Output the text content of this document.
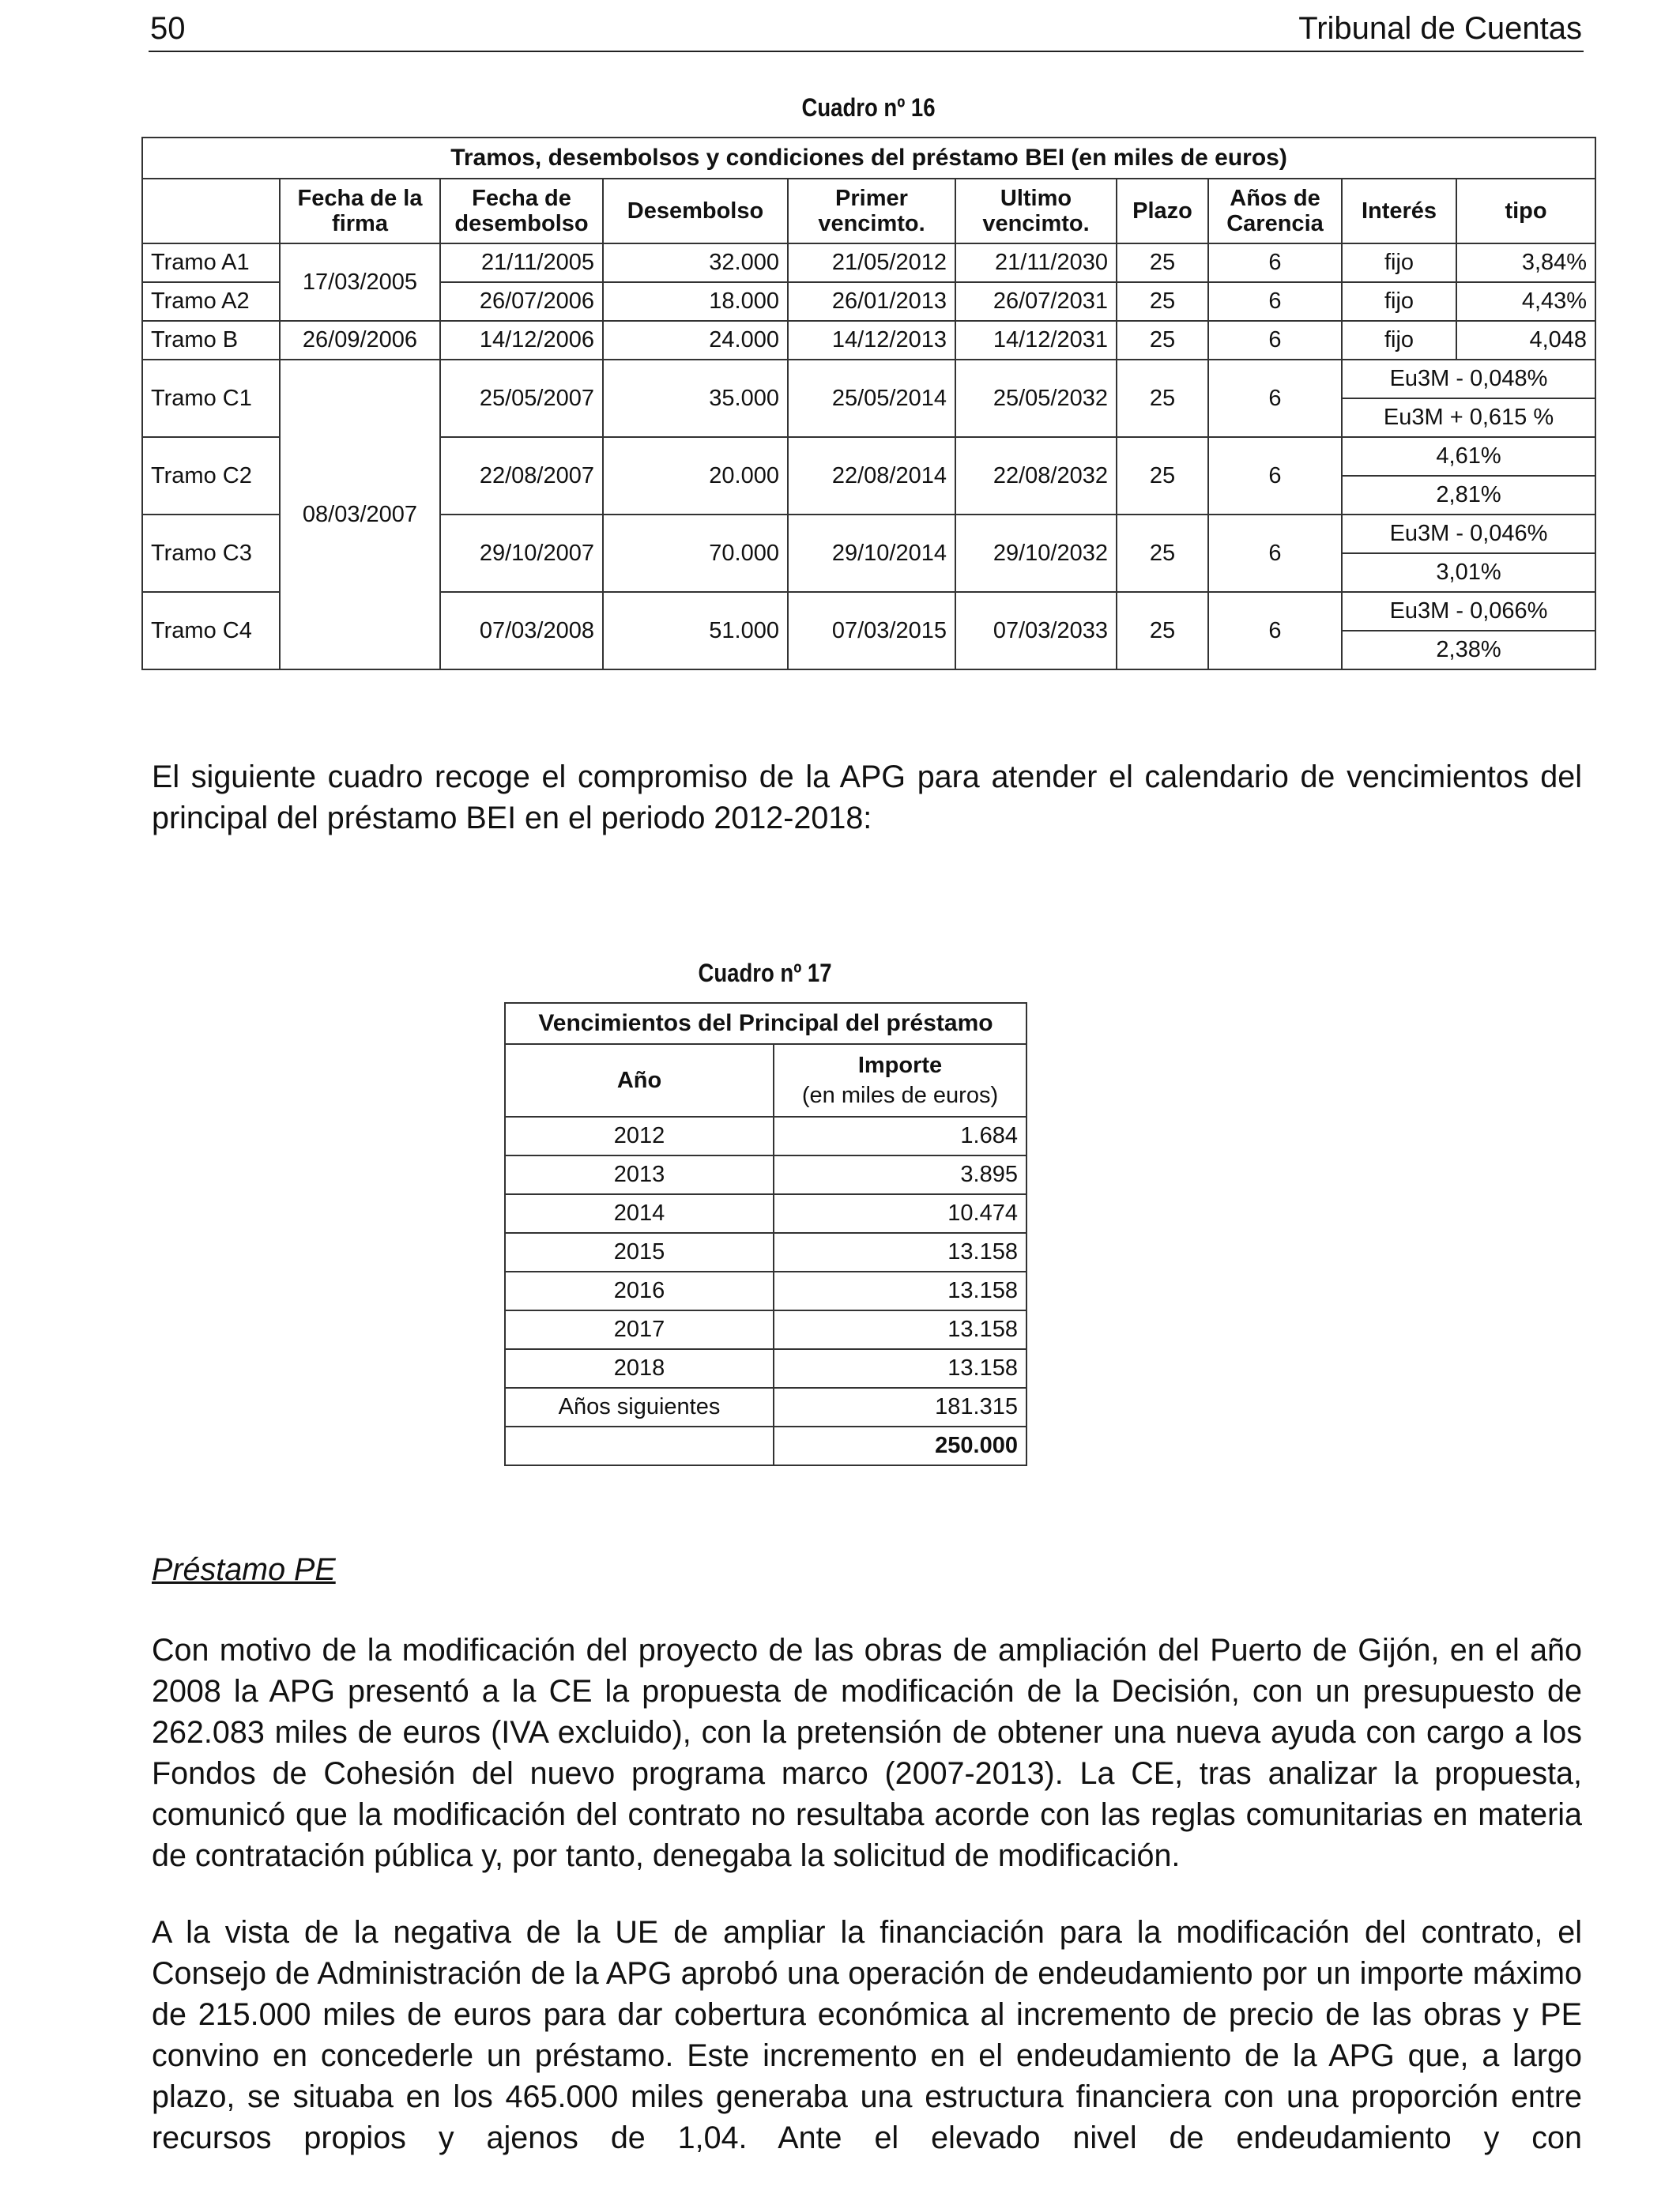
50	Tribunal de Cuentas
Cuadro nº 16
Tramos, desembolsos y condiciones del préstamo BEI (en miles de euros)									
	Fecha de la firma	Fecha de desembolso	Desembolso	Primer vencimto.	Ultimo vencimto.	Plazo	Años de Carencia	Interés	tipo
Tramo A1	17/03/2005	21/11/2005	32.000	21/05/2012	21/11/2030	25	6	fijo	3,84%
Tramo A2		26/07/2006	18.000	26/01/2013	26/07/2031	25	6	fijo	4,43%
Tramo B	26/09/2006	14/12/2006	24.000	14/12/2013	14/12/2031	25	6	fijo	4,048
Tramo C1	08/03/2007	25/05/2007	35.000	25/05/2014	25/05/2032	25	6	Eu3M - 0,048%	
								Eu3M + 0,615 %	
Tramo C2		22/08/2007	20.000	22/08/2014	22/08/2032	25	6	4,61%	
								2,81%	
Tramo C3		29/10/2007	70.000	29/10/2014	29/10/2032	25	6	Eu3M - 0,046%	
								3,01%	
Tramo C4		07/03/2008	51.000	07/03/2015	07/03/2033	25	6	Eu3M - 0,066%	
								2,38%	
El siguiente cuadro recoge el compromiso de la APG para atender el calendario de vencimientos del principal del préstamo BEI en el periodo 2012-2018:
Cuadro nº 17
Vencimientos del Principal del préstamo	
Año	Importe
(en miles de euros)

2012	1.684
2013	3.895
2014	10.474
2015	13.158
2016	13.158
2017	13.158
2018	13.158
Años siguientes	181.315
	250.000
Préstamo PE
Con motivo de la modificación del proyecto de las obras de ampliación del Puerto de Gijón, en el año 2008 la APG presentó a la CE la propuesta de modificación de la Decisión, con un presupuesto de 262.083 miles de euros (IVA excluido), con la pretensión de obtener una nueva ayuda con cargo a los Fondos de Cohesión del nuevo programa marco (2007-2013). La CE, tras analizar la propuesta, comunicó que la modificación del contrato no resultaba acorde con las reglas comunitarias en materia de contratación pública y, por tanto, denegaba la solicitud de modificación.
A la vista de la negativa de la UE de ampliar la financiación para la modificación del contrato, el Consejo de Administración de la APG aprobó una operación de endeudamiento por un importe máximo de 215.000 miles de euros para dar cobertura económica al incremento de precio de las obras y PE convino en concederle un préstamo. Este incremento en el endeudamiento de la APG que, a largo plazo, se situaba en los 465.000 miles generaba una estructura financiera con una proporción entre recursos propios y ajenos de 1,04. Ante el elevado nivel de endeudamiento y con
